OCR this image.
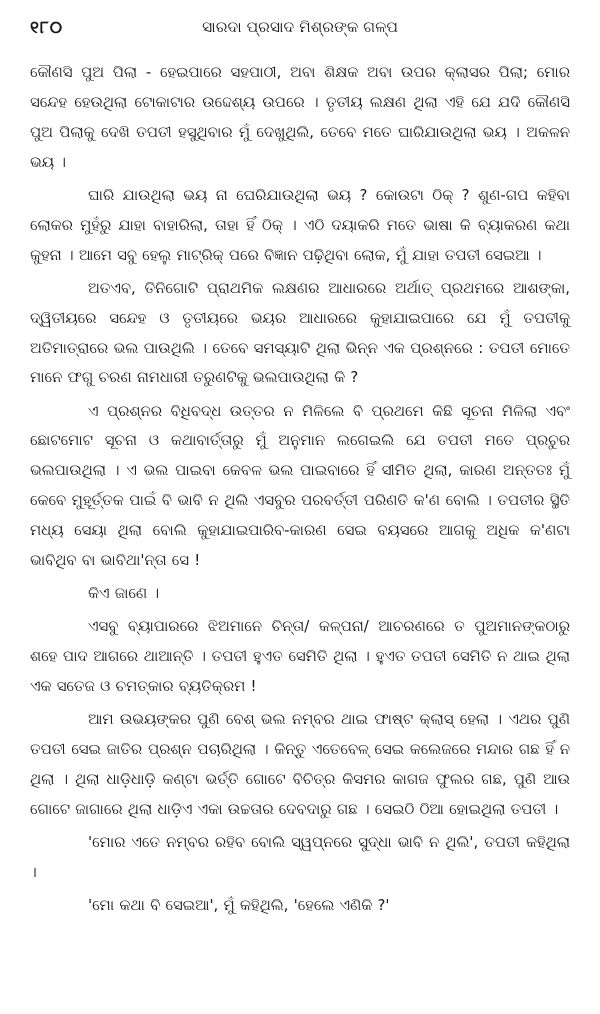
୧୮୦	ସାରଦା ପ୍ରସାଦ ମିଶ୍ରଙ୍କ ଗଳ୍ପ

କୌଣସି ପୁଅ ପିଲା - ହେଇପାରେ ସହପାଠୀ, ଅବା ଶିକ୍ଷକ ଅବା ଉପର କ୍ଲାସର ପିଲା; ମୋର ସନ୍ଦେହ ହେଉଥିଲା ଟୋକାଟାର ଉଦ୍ଦେଶ୍ୟ ଉପରେ । ତୃତୀୟ ଲକ୍ଷଣ ଥିଲା ଏହି ଯେ ଯଦି କୌଣସି ପୁଅ ପିଲାକୁ ଦେଖି ତପତୀ ହସୁଥିବାର ମୁଁ ଦେଖୁଥିଲି, ତେବେ ମତେ ଘାରିଯାଉଥିଲା ଭୟ । ଅକଳନ ଭୟ ।

ଘାରି ଯାଉଥିଲା ଭୟ ନା ଘେରିଯାଉଥିଲା ଭୟ ? କୋଉଟା ଠିକ୍ ? ଶୁଣ-ଗପ କହିବା ଲୋକର ମୁହଁରୁ ଯାହା ବାହାରିଲା, ତାହା ହିଁ ଠିକ୍ । ଏଠି ଦୟାକରି ମତେ ଭାଷା କି ବ୍ୟାକରଣ କଥା କୁହନା । ଆମେ ସବୁ ହେଲୁ ମାଟ୍ରିକ୍ ପରେ ବିଜ୍ଞାନ ପଢ଼ିଥିବା ଲୋକ, ମୁଁ ଯାହା ତପତୀ ସେଇଆ ।

ଅତଏବ, ତିନିଗୋଟି ପ୍ରାଥମିକ ଲକ୍ଷଣର ଆଧାରରେ ଅର୍ଥାତ୍ ପ୍ରଥମରେ ଆଶଙ୍କା, ଦ୍ୱିତୀୟରେ ସନ୍ଦେହ ଓ ତୃତୀୟରେ ଭୟର ଆଧାରରେ କୁହାଯାଇପାରେ ଯେ ମୁଁ ତପତୀକୁ ଅତିମାତ୍ରାରେ ଭଲ ପାଉଥିଲି । ତେବେ ସମସ୍ୟାଟି ଥିଲା ଭିନ୍ନ ଏକ ପ୍ରଶ୍ନରେ : ତପତୀ ମୋତେ ମାନେ ଫଗୁ ଚରଣ ନାମଧାରୀ ତରୁଣଟିକୁ ଭଲପାଉଥିଲା କି ?

ଏ ପ୍ରଶ୍ନର ବିଧିବଦ୍ଧ ଉତ୍ତର ନ ମିଳିଲେ ବି ପ୍ରଥମେ କିଛି ସୂଚନା ମିଳିଲା ଏବଂ ଛୋଟମୋଟ ସୂଚନା ଓ କଥାବାର୍ତ୍ତାରୁ ମୁଁ ଅନୁମାନ ଲଗେଇଲି ଯେ ତପତୀ ମତେ ପ୍ରଚୁର ଭଲପାଉଥିଲା । ଏ ଭଲ ପାଇବା କେବଳ ଭଲ ପାଇବାରେ ହିଁ ସୀମିତ ଥିଲା, କାରଣ ଅନ୍ତତଃ ମୁଁ କେବେ ମୁହୂର୍ତ୍ତକ ପାଇଁ ବି ଭାବି ନ ଥିଲି ଏସବୁର ପରବର୍ତ୍ତୀ ପରିଣତି କ'ଣ ବୋଲି । ତପତୀର ସ୍ଥିତି ମଧ୍ୟ ସେୟା ଥିଲା ବୋଲି କୁହାଯାଇପାରିବ-କାରଣ ସେଇ ବୟସରେ ଆଗକୁ ଅଧିକ କ'ଣଟା ଭାବିଥିବ ବା ଭାବିଥା'ନ୍ତା ସେ !

କିଏ ଜାଣେ ।

ଏସବୁ ବ୍ୟାପାରରେ ଝିଅମାନେ ଚିନ୍ତା/ କଳ୍ପନା/ ଆଚରଣରେ ତ ପୁଅମାନଙ୍କଠାରୁ ଶହେ ପାଦ ଆଗରେ ଥାଆନ୍ତି । ତପତୀ ହୁଏତ ସେମିତି ଥିଲା । ହୁଏତ ତପତୀ ସେମିତି ନ ଥାଇ ଥିଲା ଏକ ସତେଜ ଓ ଚମତ୍କାର ବ୍ୟତିକ୍ରମ !

ଆମ ଉଭୟଙ୍କର ପୁଣି ବେଶ୍ ଭଲ ନମ୍ବର ଥାଇ ଫାଷ୍ଟ କ୍ଲାସ୍ ହେଲା । ଏଥର ପୁଣି ତପତୀ ସେଇ ଜାତିର ପ୍ରଶ୍ନ ପଚାରିଥିଲା । କିନ୍ତୁ ଏତେବେଳ୍ ସେଇ କଲେଜରେ ମନ୍ଦାର ଗଛ ହିଁ ନ ଥିଲା । ଥିଲା ଧାଡ଼ିଧାଡ଼ି କଣ୍ଟା ଭର୍ତ୍ତି ଗୋଟେ ବିଚିତ୍ର କିସମର କାଗଜ ଫୁଲର ଗଛ, ପୁଣି ଆଉ ଗୋଟେ ଜାଗାରେ ଥିଲା ଧାଡ଼ିଏ ଏକା ଉଚ୍ଚତାର ଦେବଦାରୁ ଗଛ । ସେଇଠି ଠିଆ ହୋଇଥିଲା ତପତୀ ।

'ମୋର ଏତେ ନମ୍ବର ରହିବ ବୋଲି ସ୍ୱପ୍ନରେ ସୁଦ୍ଧା ଭାବି ନ ଥିଲି', ତପତୀ କହିଥିଲା ।

'ମୋ କଥା ବି ସେଇଆ', ମୁଁ କହିଥିଲି, 'ହେଲେ ଏଣିକି ?'
